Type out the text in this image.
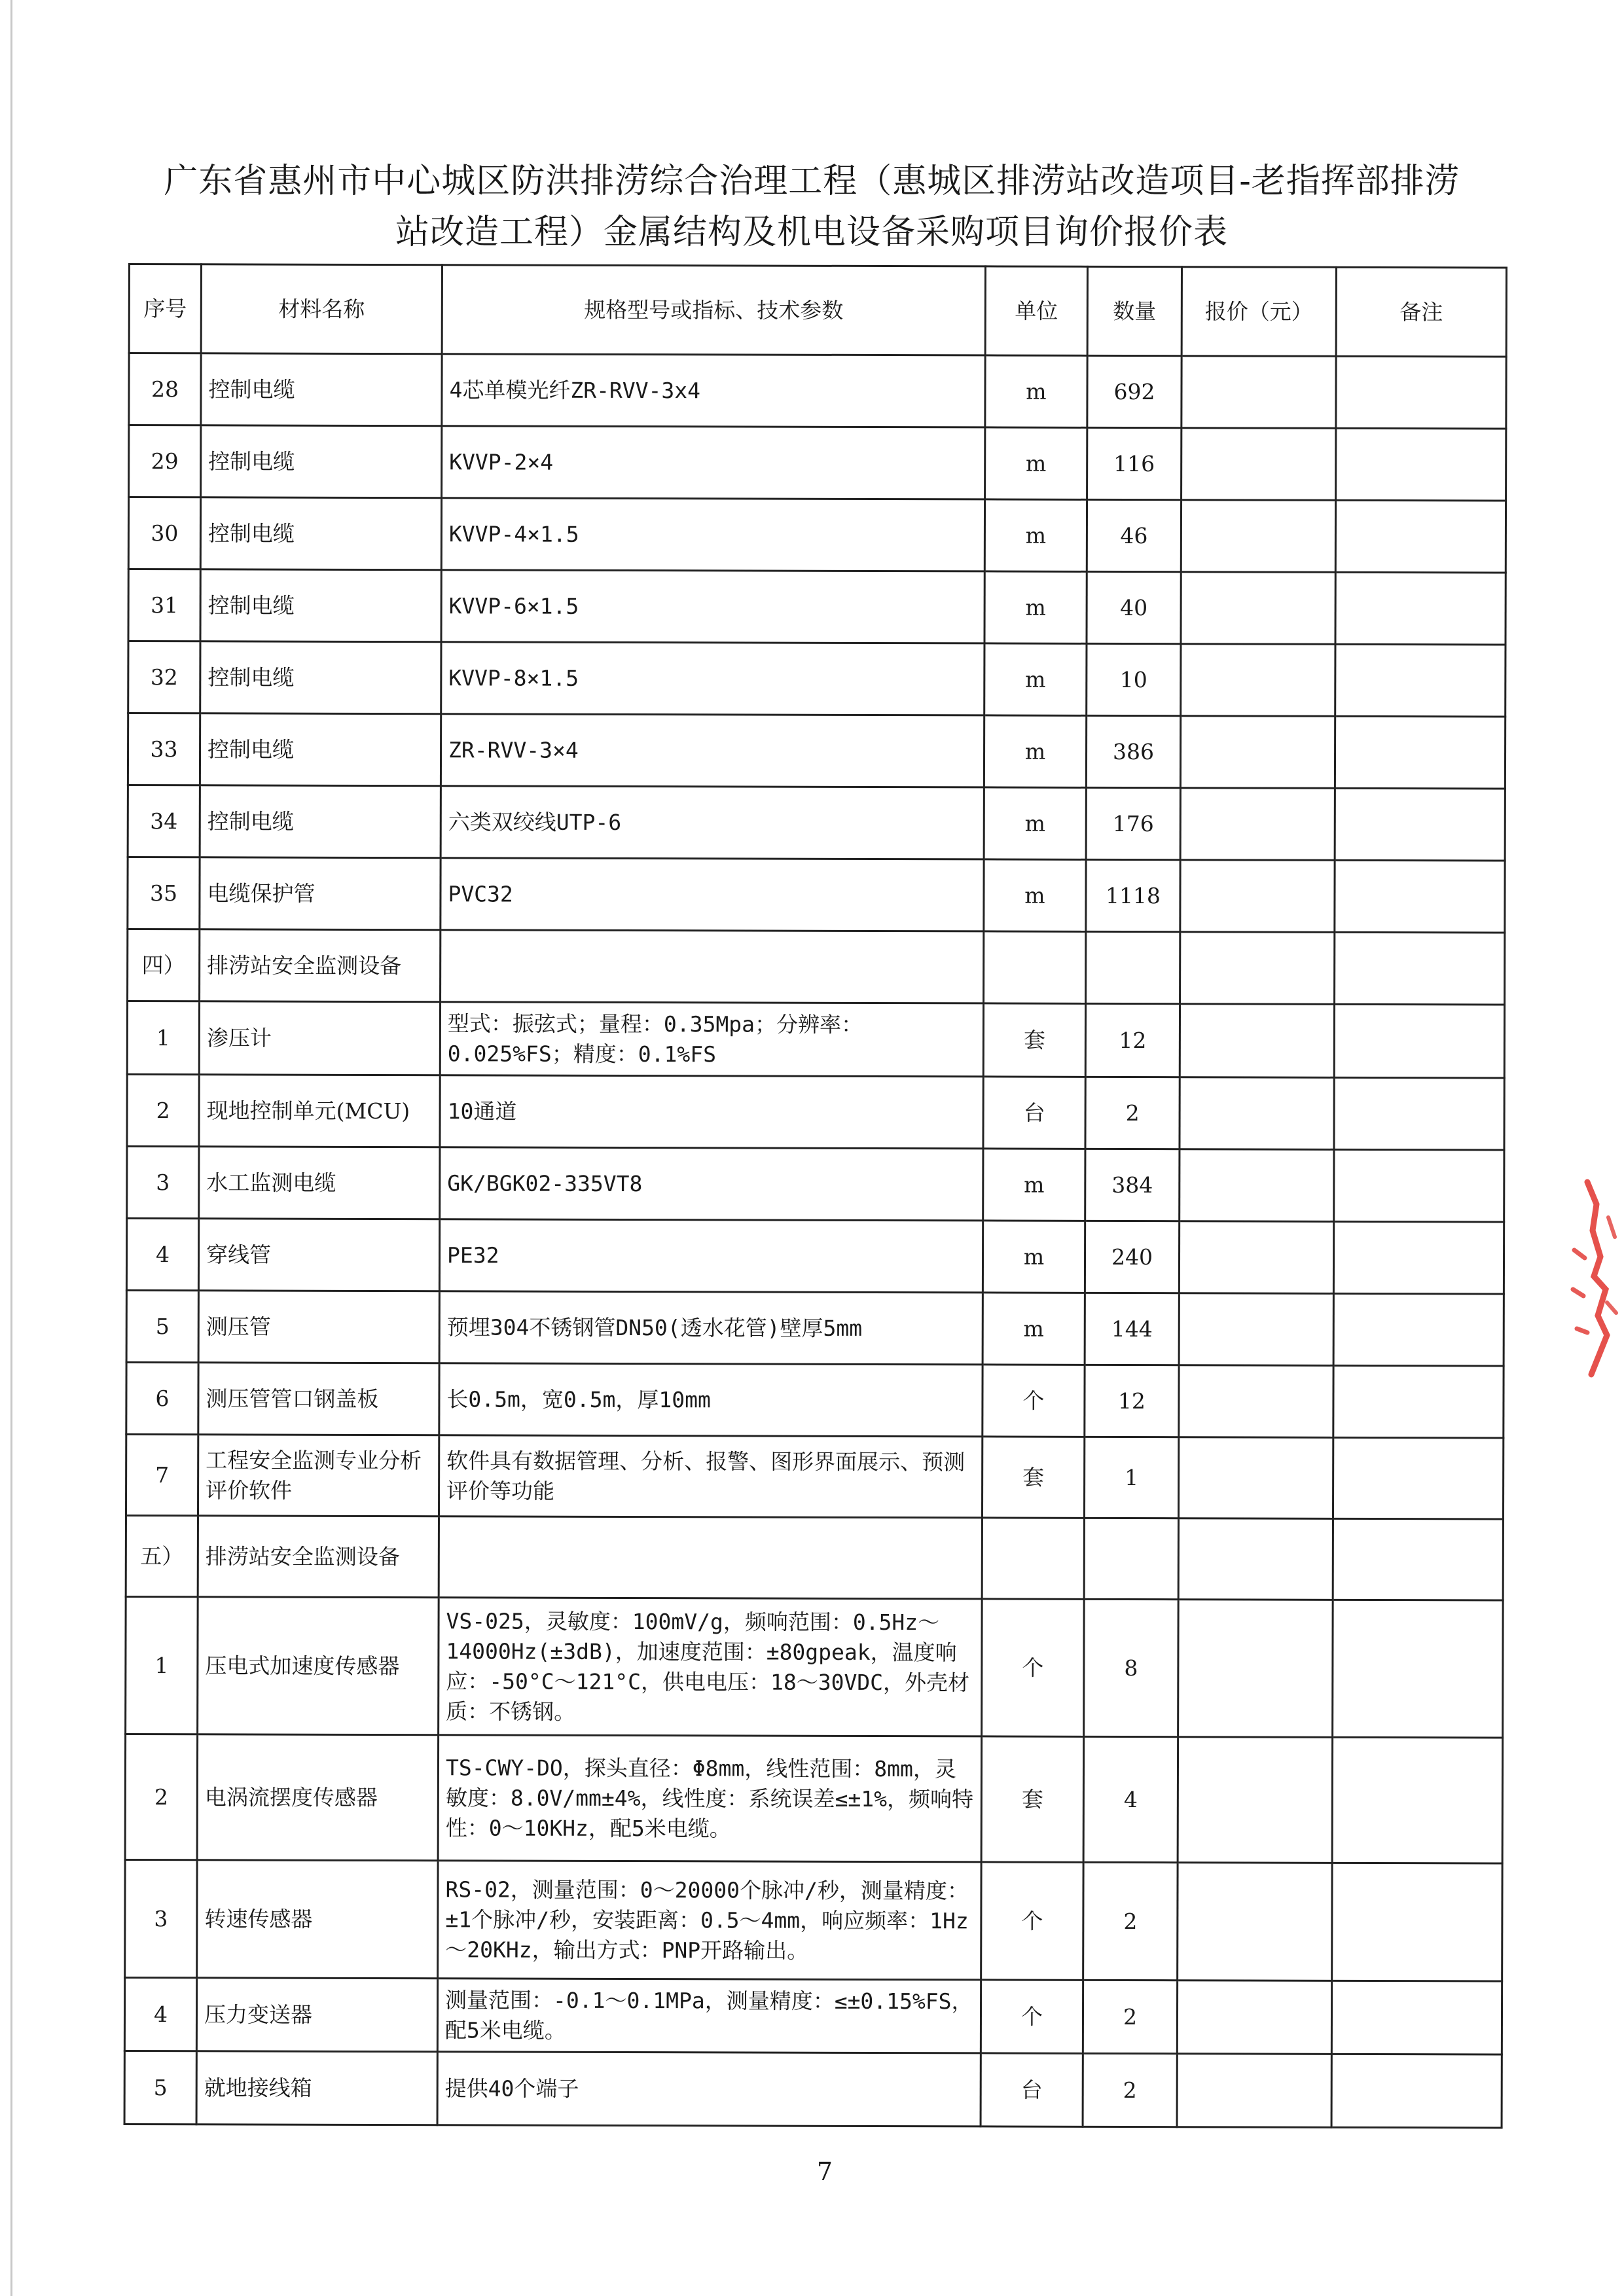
广东省惠州市中心城区防洪排涝综合治理工程（惠城区排涝站改造项目-老指挥部排涝
站改造工程）金属结构及机电设备采购项目询价报价表
序号	材料名称	规格型号或指标、技术参数	单位	数量	报价（元）	备注
28	控制电缆	4芯单模光纤ZR-RVV-3x4	m	692		
29	控制电缆	KVVP-2×4	m	116		
30	控制电缆	KVVP-4×1.5	m	46		
31	控制电缆	KVVP-6×1.5	m	40		
32	控制电缆	KVVP-8×1.5	m	10		
33	控制电缆	ZR-RVV-3×4	m	386		
34	控制电缆	六类双绞线UTP-6	m	176		
35	电缆保护管	PVC32	m	1118		
四）	排涝站安全监测设备					
1	渗压计	型式：振弦式；量程：0.35Mpa；分辨率：0.025%FS；精度：0.1%FS	套	12		
2	现地控制单元(MCU)	10通道	台	2		
3	水工监测电缆	GK/BGK02-335VT8	m	384		
4	穿线管	PE32	m	240		
5	测压管	预埋304不锈钢管DN50(透水花管)壁厚5mm	m	144		
6	测压管管口钢盖板	长0.5m，宽0.5m，厚10mm	个	12		
7	工程安全监测专业分析评价软件	软件具有数据管理、分析、报警、图形界面展示、预测评价等功能	套	1		
五）	排涝站安全监测设备					
1	压电式加速度传感器	VS-025，灵敏度：100mV/g，频响范围：0.5Hz～14000Hz(±3dB)，加速度范围：±80gpeak，温度响应：-50°C～121°C，供电电压：18～30VDC，外壳材质：不锈钢。	个	8		
2	电涡流摆度传感器	TS-CWY-DO，探头直径：Φ8mm，线性范围：8mm，灵敏度：8.0V/mm±4%，线性度：系统误差≤±1%，频响特性：0～10KHz，配5米电缆。	套	4		
3	转速传感器	RS-02，测量范围：0～20000个脉冲/秒，测量精度：±1个脉冲/秒，安装距离：0.5～4mm，响应频率：1Hz～20KHz，输出方式：PNP开路输出。	个	2		
4	压力变送器	测量范围：-0.1～0.1MPa，测量精度：≤±0.15%FS，配5米电缆。	个	2		
5	就地接线箱	提供40个端子	台	2		
7
